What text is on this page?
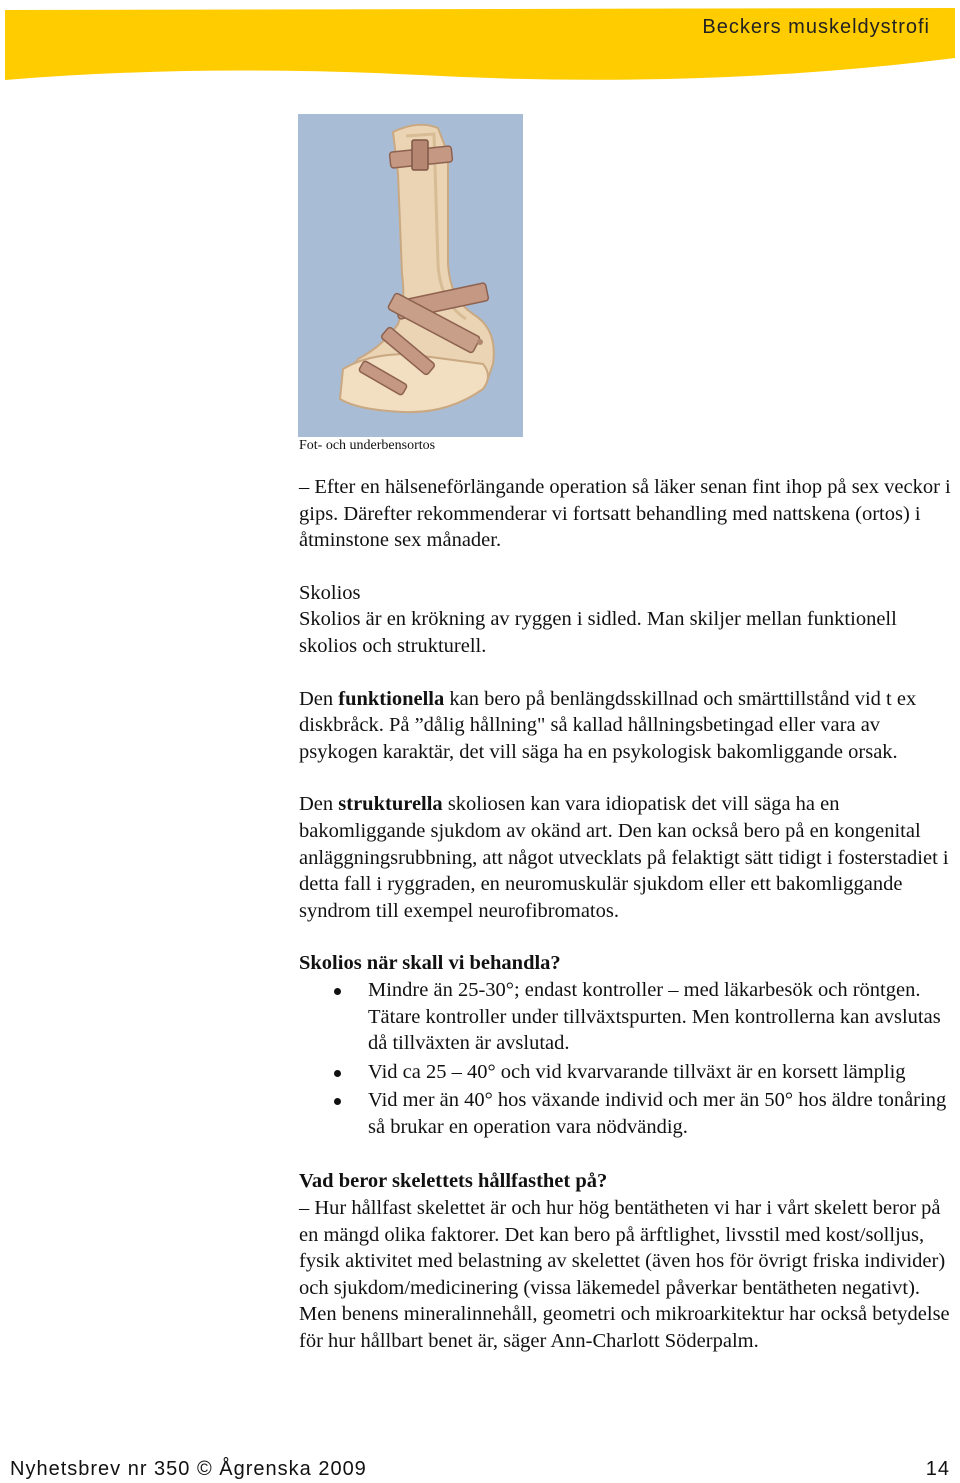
Beckers muskeldystrofi
Fot- och underbensortos

– Efter en hälseneförlängande operation så läker senan fint ihop på sex veckor i gips. Därefter rekommenderar vi fortsatt behandling med nattskena (ortos) i åtminstone sex månader.

Skolios

Skolios är en krökning av ryggen i sidled. Man skiljer mellan funktionell skolios och strukturell.

Den funktionella kan bero på benlängdsskillnad och smärttillstånd vid t ex diskbråck. På ”dålig hållning" så kallad hållningsbetingad eller vara av psykogen karaktär, det vill säga ha en psykologisk bakomliggande orsak.

Den strukturella skoliosen kan vara idiopatisk det vill säga ha en bakomliggande sjukdom av okänd art. Den kan också bero på en kongenital anläggningsrubbning, att något utvecklats på felaktigt sätt tidigt i fosterstadiet i detta fall i ryggraden, en neuromuskulär sjukdom eller ett bakomliggande syndrom till exempel neurofibromatos.

Skolios när skall vi behandla?

Mindre än 25-30°; endast kontroller – med läkarbesök och röntgen. Tätare kontroller under tillväxtspurten. Men kontrollerna kan avslutas då tillväxten är avslutad.
Vid ca 25 – 40° och vid kvarvarande tillväxt är en korsett lämplig
Vid mer än 40° hos växande individ och mer än 50° hos äldre tonåring så brukar en operation vara nödvändig.

Vad beror skelettets hållfasthet på?

– Hur hållfast skelettet är och hur hög bentätheten vi har i vårt skelett beror på en mängd olika faktorer. Det kan bero på ärftlighet, livsstil med kost/solljus, fysik aktivitet med belastning av skelettet (även hos för övrigt friska individer) och sjukdom/medicinering (vissa läkemedel påverkar bentätheten negativt). Men benens mineralinnehåll, geometri och mikroarkitektur har också betydelse för hur hållbart benet är, säger Ann-Charlott Söderpalm.

Nyhetsbrev nr 350 © Ågrenska 2009	14
